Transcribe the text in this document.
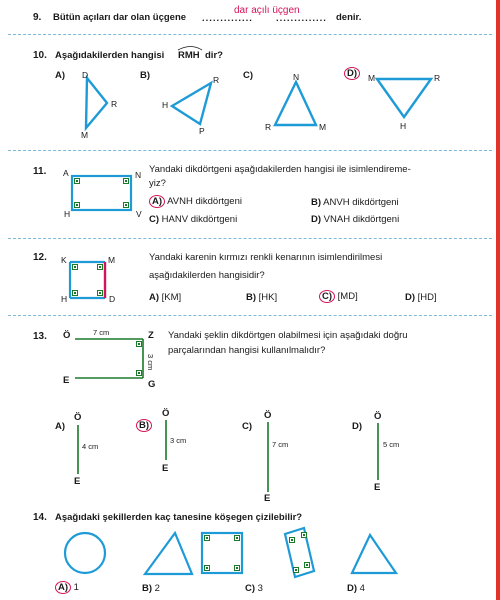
9. Bütün açıları dar olan üçgene ..............
dar açılı üçgen
.............. denir.
10. Aşağıdakilerden hangisi RMH dir?
A)	B)	C)	D)
D
R
M
R
H
P
N
R	M
M	R
H
11. A	N
H	V
Yandaki dikdörtgeni aşağıdakilerden hangisi ile isimlendireme-
yiz?
A) AVNH dikdörtgeni	B) ANVH dikdörtgeni
C) HANV dikdörtgeni	D) VNAH dikdörtgeni
12. K	M
H	D
Yandaki karenin kırmızı renkli kenarının isimlendirilmesi
aşağıdakilerden hangisidir?
A) [KM]	B) [HK]	C) [MD]	D) [HD]
13. Ö	Z
E	G
7 cm
3 cm
Yandaki şeklin dikdörtgen olabilmesi için aşağıdaki doğru
parçalarından hangisi kullanılmalıdır?
A)	B)	C)	D)
Ö
E
4 cm
Ö
E
3 cm
Ö
E
7 cm
Ö
E
5 cm
14. Aşağıdaki şekillerden kaç tanesine köşegen çizilebilir?
A) 1	B) 2	C) 3	D) 4
